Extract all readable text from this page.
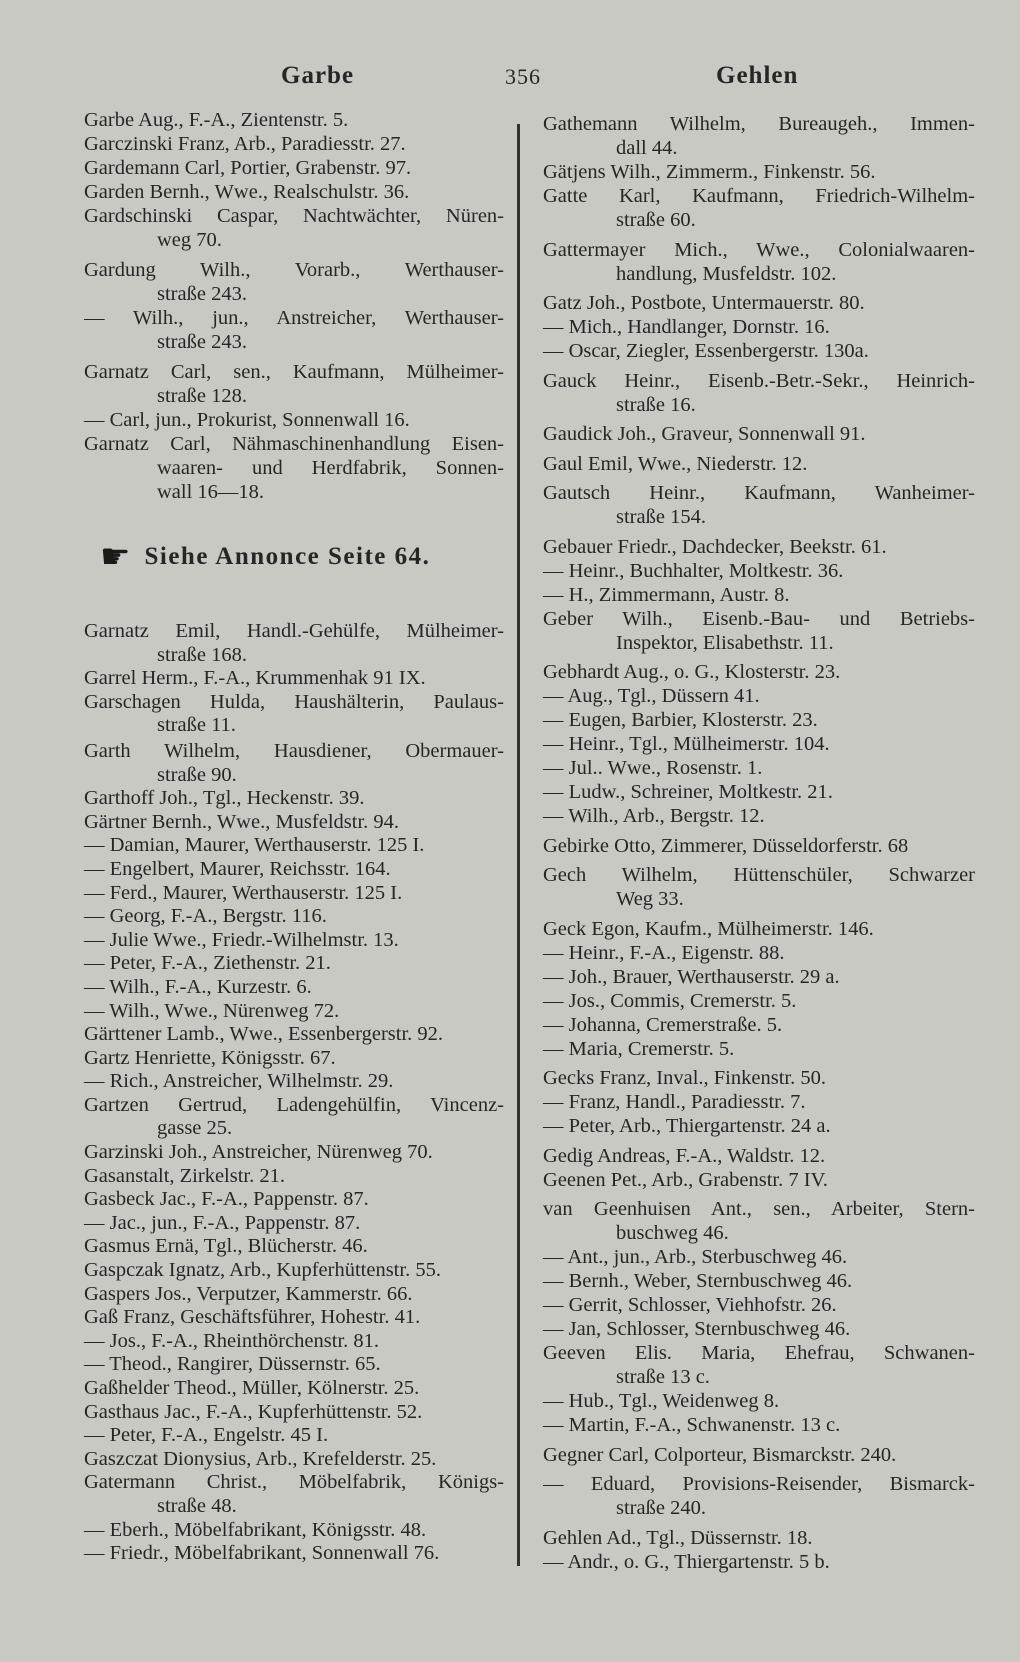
Garbe	356	Gehlen
Garbe Aug., F.-A., Zientenstr. 5.
Garczinski Franz, Arb., Paradiesstr. 27.
Gardemann Carl, Portier, Grabenstr. 97.
Garden Bernh., Wwe., Realschulstr. 36.
Gardschinski Caspar, Nachtwächter, Nüren-
weg 70.
Gardung Wilh., Vorarb., Werthauser-
straße 243.
— Wilh., jun., Anstreicher, Werthauser-
straße 243.
Garnatz Carl, sen., Kaufmann, Mülheimer-
straße 128.
— Carl, jun., Prokurist, Sonnenwall 16.
Garnatz Carl, Nähmaschinenhandlung Eisen-
waaren- und Herdfabrik, Sonnen-
wall 16—18.
☛ Siehe Annonce Seite 64.
Garnatz Emil, Handl.-Gehülfe, Mülheimer-
straße 168.
Garrel Herm., F.-A., Krummenhak 91 IX.
Garschagen Hulda, Haushälterin, Paulaus-
straße 11.
Garth Wilhelm, Hausdiener, Obermauer-
straße 90.
Garthoff Joh., Tgl., Heckenstr. 39.
Gärtner Bernh., Wwe., Musfeldstr. 94.
— Damian, Maurer, Werthauserstr. 125 I.
— Engelbert, Maurer, Reichsstr. 164.
— Ferd., Maurer, Werthauserstr. 125 I.
— Georg, F.-A., Bergstr. 116.
— Julie Wwe., Friedr.-Wilhelmstr. 13.
— Peter, F.-A., Ziethenstr. 21.
— Wilh., F.-A., Kurzestr. 6.
— Wilh., Wwe., Nürenweg 72.
Gärttener Lamb., Wwe., Essenbergerstr. 92.
Gartz Henriette, Königsstr. 67.
— Rich., Anstreicher, Wilhelmstr. 29.
Gartzen Gertrud, Ladengehülfin, Vincenz-
gasse 25.
Garzinski Joh., Anstreicher, Nürenweg 70.
Gasanstalt, Zirkelstr. 21.
Gasbeck Jac., F.-A., Pappenstr. 87.
— Jac., jun., F.-A., Pappenstr. 87.
Gasmus Ernä, Tgl., Blücherstr. 46.
Gaspczak Ignatz, Arb., Kupferhüttenstr. 55.
Gaspers Jos., Verputzer, Kammerstr. 66.
Gaß Franz, Geschäftsführer, Hohestr. 41.
— Jos., F.-A., Rheinthörchenstr. 81.
— Theod., Rangirer, Düssernstr. 65.
Gaßhelder Theod., Müller, Kölnerstr. 25.
Gasthaus Jac., F.-A., Kupferhüttenstr. 52.
— Peter, F.-A., Engelstr. 45 I.
Gaszczat Dionysius, Arb., Krefelderstr. 25.
Gatermann Christ., Möbelfabrik, Königs-
straße 48.
— Eberh., Möbelfabrikant, Königsstr. 48.
— Friedr., Möbelfabrikant, Sonnenwall 76.
Gathemann Wilhelm, Bureaugeh., Immen-
dall 44.
Gätjens Wilh., Zimmerm., Finkenstr. 56.
Gatte Karl, Kaufmann, Friedrich-Wilhelm-
straße 60.
Gattermayer Mich., Wwe., Colonialwaaren-
handlung, Musfeldstr. 102.
Gatz Joh., Postbote, Untermauerstr. 80.
— Mich., Handlanger, Dornstr. 16.
— Oscar, Ziegler, Essenbergerstr. 130a.
Gauck Heinr., Eisenb.-Betr.-Sekr., Heinrich-
straße 16.
Gaudick Joh., Graveur, Sonnenwall 91.
Gaul Emil, Wwe., Niederstr. 12.
Gautsch Heinr., Kaufmann, Wanheimer-
straße 154.
Gebauer Friedr., Dachdecker, Beekstr. 61.
— Heinr., Buchhalter, Moltkestr. 36.
— H., Zimmermann, Austr. 8.
Geber Wilh., Eisenb.-Bau- und Betriebs-
Inspektor, Elisabethstr. 11.
Gebhardt Aug., o. G., Klosterstr. 23.
— Aug., Tgl., Düssern 41.
— Eugen, Barbier, Klosterstr. 23.
— Heinr., Tgl., Mülheimerstr. 104.
— Jul.. Wwe., Rosenstr. 1.
— Ludw., Schreiner, Moltkestr. 21.
— Wilh., Arb., Bergstr. 12.
Gebirke Otto, Zimmerer, Düsseldorferstr. 68
Gech Wilhelm, Hüttenschüler, Schwarzer
Weg 33.
Geck Egon, Kaufm., Mülheimerstr. 146.
— Heinr., F.-A., Eigenstr. 88.
— Joh., Brauer, Werthauserstr. 29 a.
— Jos., Commis, Cremerstr. 5.
— Johanna, Cremerstraße. 5.
— Maria, Cremerstr. 5.
Gecks Franz, Inval., Finkenstr. 50.
— Franz, Handl., Paradiesstr. 7.
— Peter, Arb., Thiergartenstr. 24 a.
Gedig Andreas, F.-A., Waldstr. 12.
Geenen Pet., Arb., Grabenstr. 7 IV.
van Geenhuisen Ant., sen., Arbeiter, Stern-
buschweg 46.
— Ant., jun., Arb., Sterbuschweg 46.
— Bernh., Weber, Sternbuschweg 46.
— Gerrit, Schlosser, Viehhofstr. 26.
— Jan, Schlosser, Sternbuschweg 46.
Geeven Elis. Maria, Ehefrau, Schwanen-
straße 13 c.
— Hub., Tgl., Weidenweg 8.
— Martin, F.-A., Schwanenstr. 13 c.
Gegner Carl, Colporteur, Bismarckstr. 240.
— Eduard, Provisions-Reisender, Bismarck-
straße 240.
Gehlen Ad., Tgl., Düssernstr. 18.
— Andr., o. G., Thiergartenstr. 5 b.
